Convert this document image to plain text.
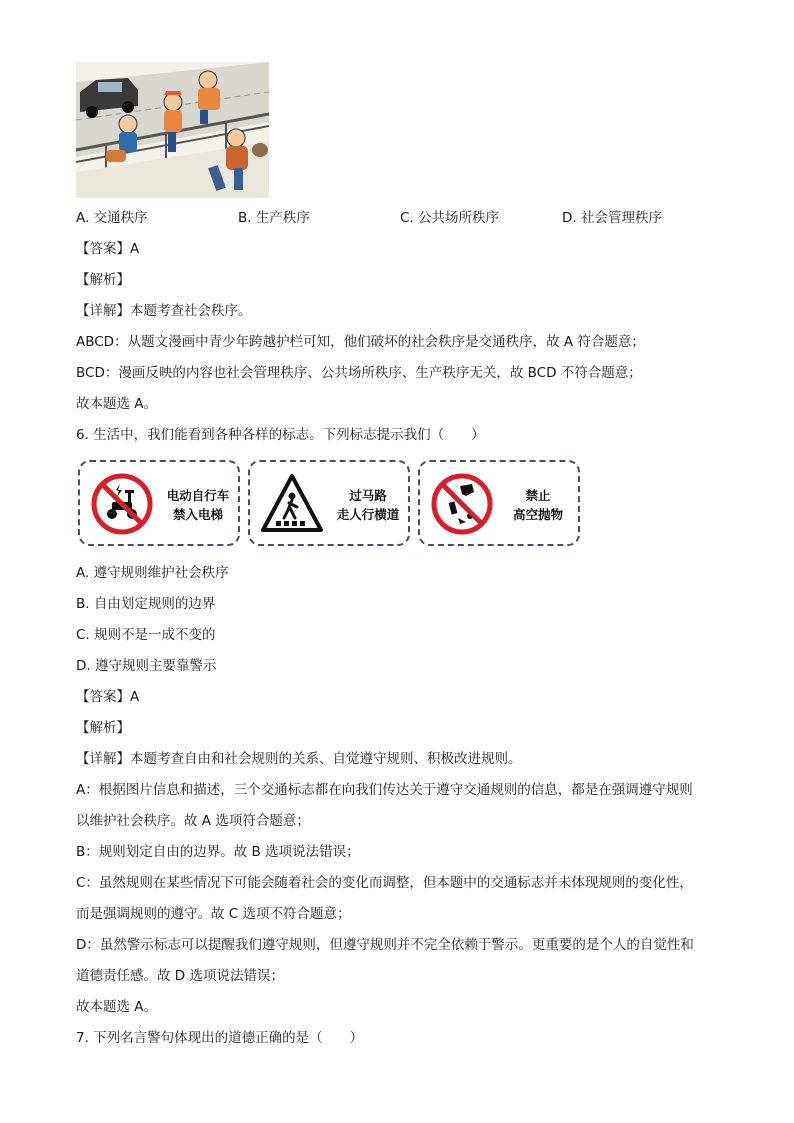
A. 交通秩序	B. 生产秩序	C. 公共场所秩序	D. 社会管理秩序
【答案】A
【解析】
【详解】本题考查社会秩序。
ABCD：从题文漫画中青少年跨越护栏可知，他们破坏的社会秩序是交通秩序，故 A 符合题意；
BCD：漫画反映的内容也社会管理秩序、公共场所秩序、生产秩序无关，故 BCD 不符合题意；
故本题选 A。
6. 生活中，我们能看到各种各样的标志。下列标志提示我们（　　）
电动自行车
禁入电梯
过马路
走人行横道
禁止
高空抛物
A. 遵守规则维护社会秩序
B. 自由划定规则的边界
C. 规则不是一成不变的
D. 遵守规则主要靠警示
【答案】A
【解析】
【详解】本题考查自由和社会规则的关系、自觉遵守规则、积极改进规则。
A：根据图片信息和描述，三个交通标志都在向我们传达关于遵守交通规则的信息，都是在强调遵守规则
以维护社会秩序。故 A 选项符合题意；
B：规则划定自由的边界。故 B 选项说法错误；
C：虽然规则在某些情况下可能会随着社会的变化而调整，但本题中的交通标志并未体现规则的变化性，
而是强调规则的遵守。故 C 选项不符合题意；
D：虽然警示标志可以提醒我们遵守规则，但遵守规则并不完全依赖于警示。更重要的是个人的自觉性和
道德责任感。故 D 选项说法错误；
故本题选 A。
7. 下列名言警句体现出的道德正确的是（　　）
